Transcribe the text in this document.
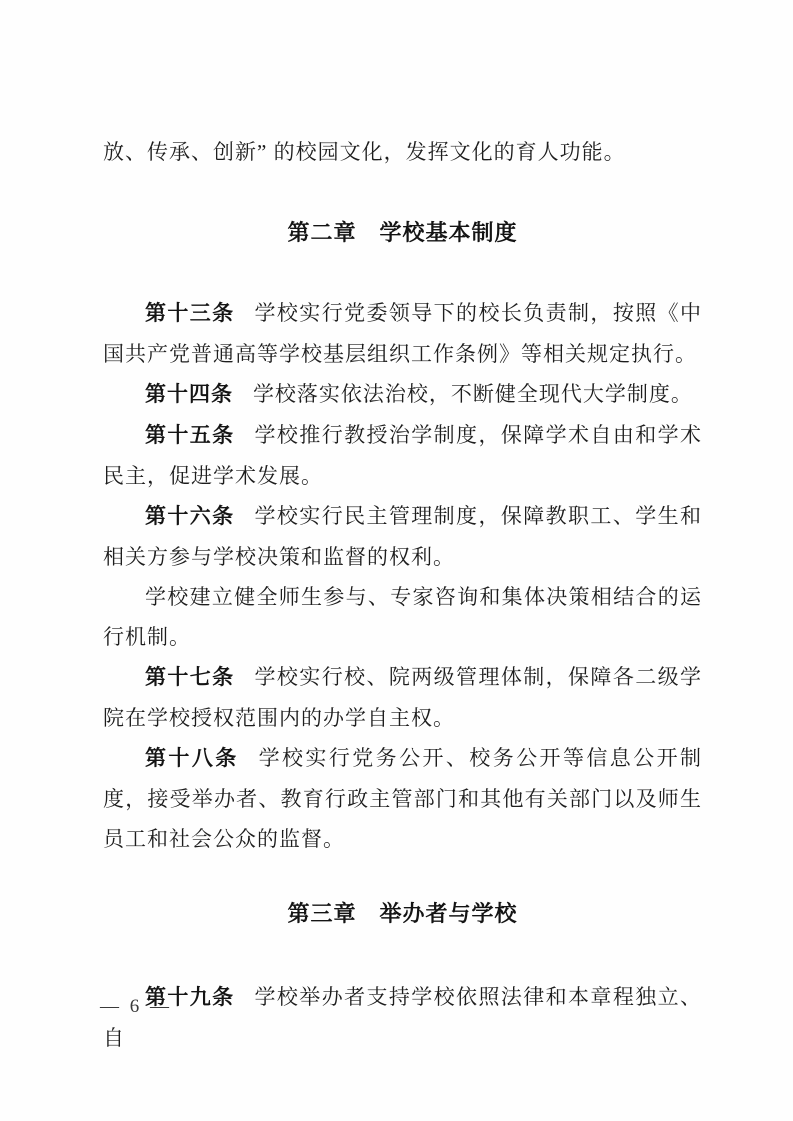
放、传承、创新” 的校园文化，发挥文化的育人功能。

第二章　学校基本制度

第十三条 学校实行党委领导下的校长负责制，按照《中国共产党普通高等学校基层组织工作条例》等相关规定执行。

第十四条 学校落实依法治校，不断健全现代大学制度。

第十五条 学校推行教授治学制度，保障学术自由和学术民主，促进学术发展。

第十六条 学校实行民主管理制度，保障教职工、学生和相关方参与学校决策和监督的权利。

学校建立健全师生参与、专家咨询和集体决策相结合的运行机制。

第十七条 学校实行校、院两级管理体制，保障各二级学院在学校授权范围内的办学自主权。

第十八条 学校实行党务公开、校务公开等信息公开制度，接受举办者、教育行政主管部门和其他有关部门以及师生员工和社会公众的监督。

第三章　举办者与学校

第十九条 学校举办者支持学校依照法律和本章程独立、自

— 6 —
